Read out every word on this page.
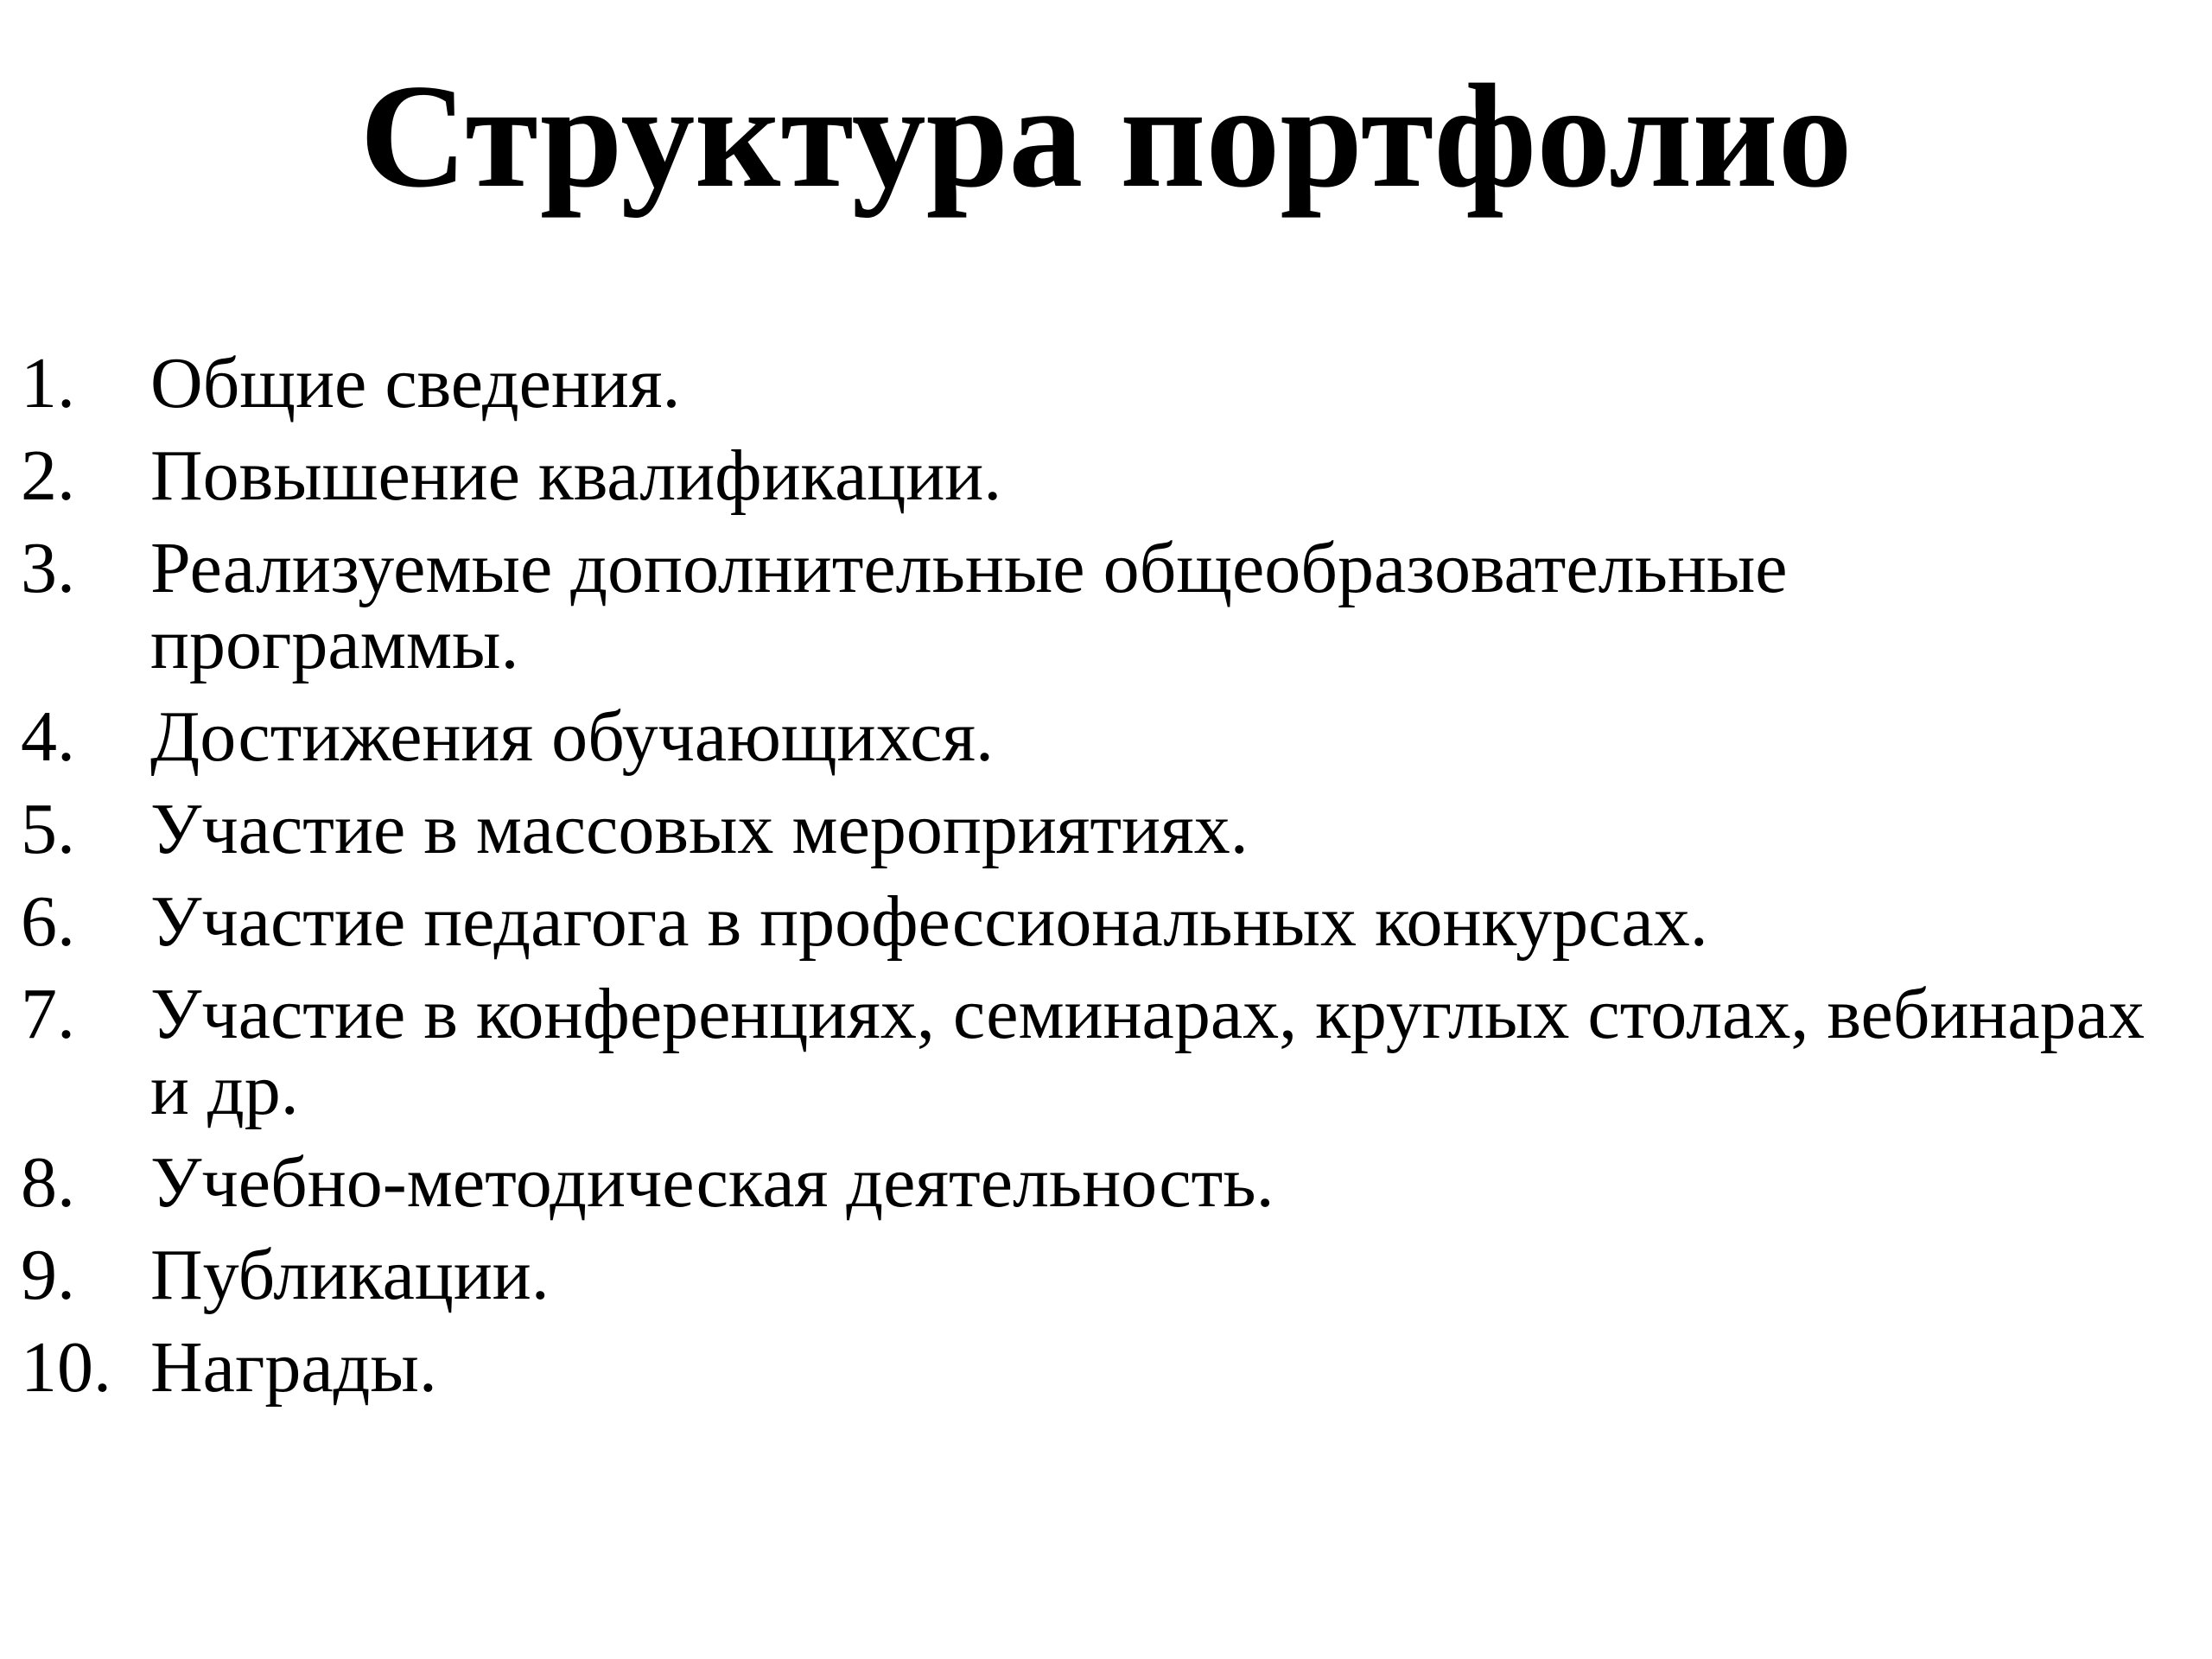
Структура портфолио
1.	Общие сведения.
2.	Повышение квалификации.
3.	Реализуемые дополнительные общеобразовательные программы.
4.	Достижения обучающихся.
5.	Участие в массовых мероприятиях.
6.	Участие педагога в профессиональных конкурсах.
7.	Участие в конференциях, семинарах, круглых столах, вебинарах и др.
8.	Учебно-методическая деятельность.
9.	Публикации.
10. Награды.
